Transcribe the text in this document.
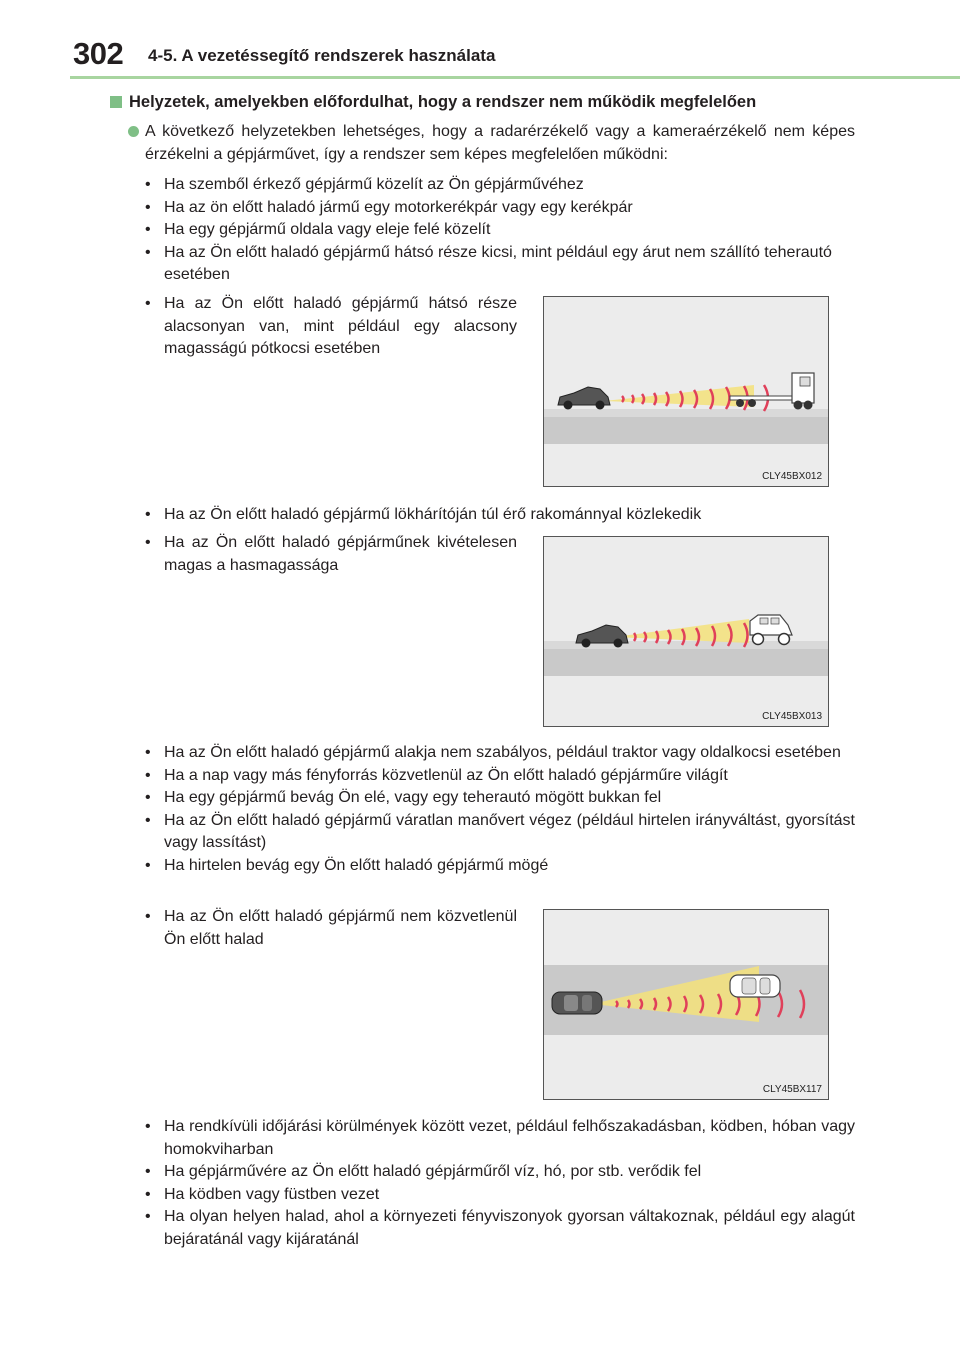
302 4-5. A vezetéssegítő rendszerek használata
Helyzetek, amelyekben előfordulhat, hogy a rendszer nem működik megfelelően
A következő helyzetekben lehetséges, hogy a radarérzékelő vagy a kameraérzékelő nem képes érzékelni a gépjárművet, így a rendszer sem képes megfelelően működni:
• Ha szemből érkező gépjármű közelít az Ön gépjárművéhez
• Ha az ön előtt haladó jármű egy motorkerékpár vagy egy kerékpár
• Ha egy gépjármű oldala vagy eleje felé közelít
• Ha az Ön előtt haladó gépjármű hátsó része kicsi, mint például egy árut nem szállító teherautó esetében
• Ha az Ön előtt haladó gépjármű hátsó része alacsonyan van, mint például egy alacsony magasságú pótkocsi esetében
CLY45BX012
• Ha az Ön előtt haladó gépjármű lökhárítóján túl érő rakománnyal közlekedik
• Ha az Ön előtt haladó gépjárműnek kivételesen magas a hasmagassága
CLY45BX013
• Ha az Ön előtt haladó gépjármű alakja nem szabályos, például traktor vagy oldalkocsi esetében
• Ha a nap vagy más fényforrás közvetlenül az Ön előtt haladó gépjárműre világít
• Ha egy gépjármű bevág Ön elé, vagy egy teherautó mögött bukkan fel
• Ha az Ön előtt haladó gépjármű váratlan manővert végez (például hirtelen irányváltást, gyorsítást vagy lassítást)
• Ha hirtelen bevág egy Ön előtt haladó gépjármű mögé
• Ha az Ön előtt haladó gépjármű nem közvetlenül Ön előtt halad
CLY45BX117
• Ha rendkívüli időjárási körülmények között vezet, például felhőszakadásban, ködben, hóban vagy homokviharban
• Ha gépjárművére az Ön előtt haladó gépjárműről víz, hó, por stb. verődik fel
• Ha ködben vagy füstben vezet
• Ha olyan helyen halad, ahol a környezeti fényviszonyok gyorsan váltakoznak, például egy alagút bejáratánál vagy kijáratánál
